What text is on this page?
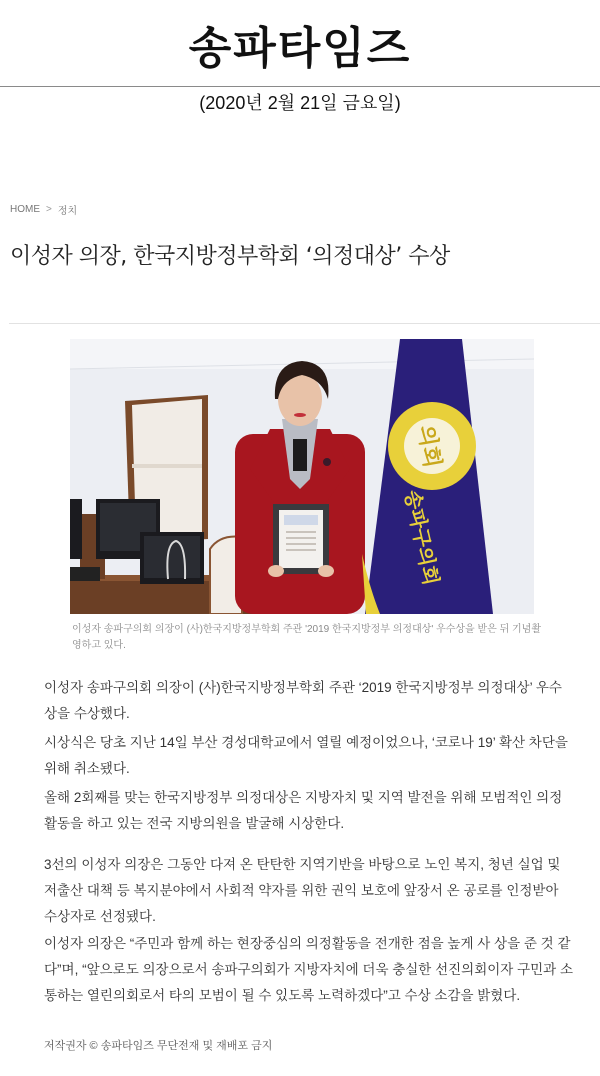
송파타임즈
(2020년 2월 21일 금요일)
HOME > 정치
이성자 의장, 한국지방정부학회 ‘의정대상’ 수상
의회
송파구의회

이성자 송파구의회 의장이 (사)한국지방정부학회 주관 '2019 한국지방정부 의정대상' 우수상을 받은 뒤 기념촬영하고 있다.

이성자 송파구의회 의장이 (사)한국지방정부학회 주관 ‘2019 한국지방정부 의정대상’ 우수상을 수상했다.

시상식은 당초 지난 14일 부산 경성대학교에서 열릴 예정이었으나, ‘코로나 19’ 확산 차단을 위해 취소됐다.

올해 2회째를 맞는 한국지방정부 의정대상은 지방자치 및 지역 발전을 위해 모범적인 의정활동을 하고 있는 전국 지방의원을 발굴해 시상한다.

3선의 이성자 의장은 그동안 다져 온 탄탄한 지역기반을 바탕으로 노인 복지, 청년 실업 및 저출산 대책 등 복지분야에서 사회적 약자를 위한 권익 보호에 앞장서 온 공로를 인정받아 수상자로 선정됐다.

이성자 의장은 “주민과 함께 하는 현장중심의 의정활동을 전개한 점을 높게 사 상을 준 것 같다”며, “앞으로도 의장으로서 송파구의회가 지방자치에 더욱 충실한 선진의회이자 구민과 소통하는 열린의회로서 타의 모범이 될 수 있도록 노력하겠다”고 수상 소감을 밝혔다.

저작권자 © 송파타임즈 무단전재 및 재배포 금지
